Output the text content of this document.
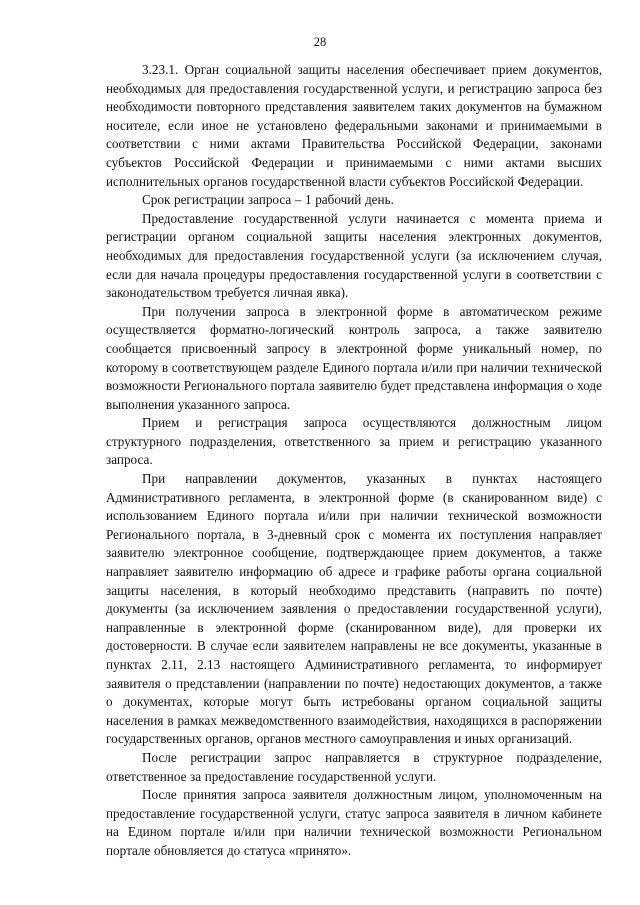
28

3.23.1. Орган социальной защиты населения обеспечивает прием документов, необходимых для предоставления государственной услуги, и регистрацию запроса без необходимости повторного представления заявителем таких документов на бумажном носителе, если иное не установлено федеральными законами и принимаемыми в соответствии с ними актами Правительства Российской Федерации, законами субъектов Российской Федерации и принимаемыми с ними актами высших исполнительных органов государственной власти субъектов Российской Федерации.

Срок регистрации запроса – 1 рабочий день.

Предоставление государственной услуги начинается с момента приема и регистрации органом социальной защиты населения электронных документов, необходимых для предоставления государственной услуги (за исключением случая, если для начала процедуры предоставления государственной услуги в соответствии с законодательством требуется личная явка).

При получении запроса в электронной форме в автоматическом режиме осуществляется форматно-логический контроль запроса, а также заявителю сообщается присвоенный запросу в электронной форме уникальный номер, по которому в соответствующем разделе Единого портала и/или при наличии технической возможности Регионального портала заявителю будет представлена информация о ходе выполнения указанного запроса.

Прием и регистрация запроса осуществляются должностным лицом структурного подразделения, ответственного за прием и регистрацию указанного запроса.

При направлении документов, указанных в пунктах настоящего Административного регламента, в электронной форме (в сканированном виде) с использованием Единого портала и/или при наличии технической возможности Регионального портала, в 3-дневный срок с момента их поступления направляет заявителю электронное сообщение, подтверждающее прием документов, а также направляет заявителю информацию об адресе и графике работы органа социальной защиты населения, в который необходимо представить (направить по почте) документы (за исключением заявления о предоставлении государственной услуги), направленные в электронной форме (сканированном виде), для проверки их достоверности. В случае если заявителем направлены не все документы, указанные в пунктах 2.11, 2.13 настоящего Административного регламента, то информирует заявителя о представлении (направлении по почте) недостающих документов, а также о документах, которые могут быть истребованы органом социальной защиты населения в рамках межведомственного взаимодействия, находящихся в распоряжении государственных органов, органов местного самоуправления и иных организаций.

После регистрации запрос направляется в структурное подразделение, ответственное за предоставление государственной услуги.

После принятия запроса заявителя должностным лицом, уполномоченным на предоставление государственной услуги, статус запроса заявителя в личном кабинете на Едином портале и/или при наличии технической возможности Региональном портале обновляется до статуса «принято».
